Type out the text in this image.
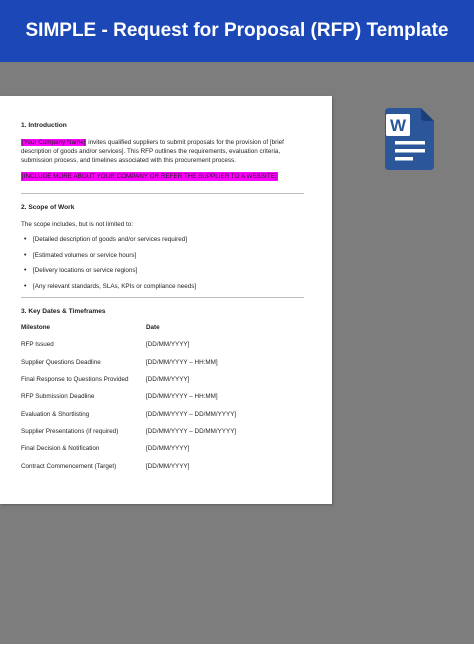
SIMPLE - Request for Proposal (RFP) Template
1. Introduction

[Your Company Name] invites qualified suppliers to submit proposals for the provision of [brief description of goods and/or services]. This RFP outlines the requirements, evaluation criteria, submission process, and timelines associated with this procurement process.

[INCLUDE MORE ABOUT YOUR COMPANY OR REFER THE SUPPLIER TO A WEBSITE]
2. Scope of Work

The scope includes, but is not limited to:

• [Detailed description of goods and/or services required]
• [Estimated volumes or service hours]
• [Delivery locations or service regions]
• [Any relevant standards, SLAs, KPIs or compliance needs]
3. Key Dates & Timeframes
Milestone	Date
RFP Issued	[DD/MM/YYYY]
Supplier Questions Deadline	[DD/MM/YYYY – HH:MM]
Final Response to Questions Provided	[DD/MM/YYYY]
RFP Submission Deadline	[DD/MM/YYYY – HH:MM]
Evaluation & Shortlisting	[DD/MM/YYYY – DD/MM/YYYY]
Supplier Presentations (if required)	[DD/MM/YYYY – DD/MM/YYYY]
Final Decision & Notification	[DD/MM/YYYY]
Contract Commencement (Target)	[DD/MM/YYYY]
W
